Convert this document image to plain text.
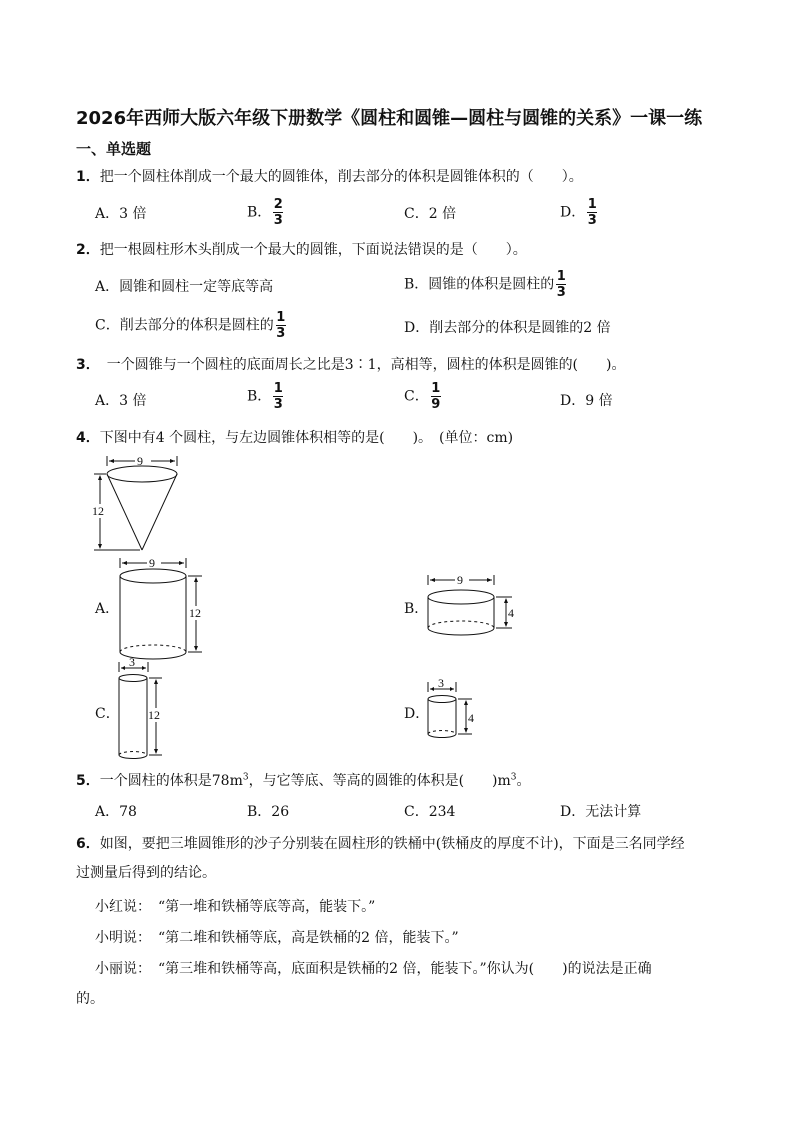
2026年西师大版六年级下册数学《圆柱和圆锥—圆柱与圆锥的关系》一课一练
一、单选题
1．把一个圆柱体削成一个最大的圆锥体，削去部分的体积是圆锥体积的（　　）。
A．3 倍	B． $\frac{2}{3}$	C．2 倍	D． $\frac{1}{3}$
2．把一根圆柱形木头削成一个最大的圆锥，下面说法错误的是（　　）。
A．圆锥和圆柱一定等底等高	B．圆锥的体积是圆柱的 $\frac{1}{3}$
C．削去部分的体积是圆柱的 $\frac{1}{3}$	D．削去部分的体积是圆锥的2 倍
3．　一个圆锥与一个圆柱的底面周长之比是3∶1，高相等，圆柱的体积是圆锥的(　　)。
A．3 倍	B． $\frac{1}{3}$	C． $\frac{1}{9}$	D．9 倍
4．下图中有4 个圆柱，与左边圆锥体积相等的是(　　)。　(单位：cm)
9
12
A．
9
12	B．
9
4
C．
3
12	D．
3
4
5．一个圆柱的体积是$78m^3$，与它等底、等高的圆锥的体积是(　　)$m^3$。
A．78	B．26	C．234	D．无法计算
6．如图，要把三堆圆锥形的沙子分别装在圆柱形的铁桶中(铁桶皮的厚度不计)，下面是三名同学经
过测量后得到的结论。
小红说：　“第一堆和铁桶等底等高，能装下。”
小明说：　“第二堆和铁桶等底，高是铁桶的2 倍，能装下。”
小丽说：　“第三堆和铁桶等高，底面积是铁桶的2 倍，能装下。”你认为(　　)的说法是正确
的。
